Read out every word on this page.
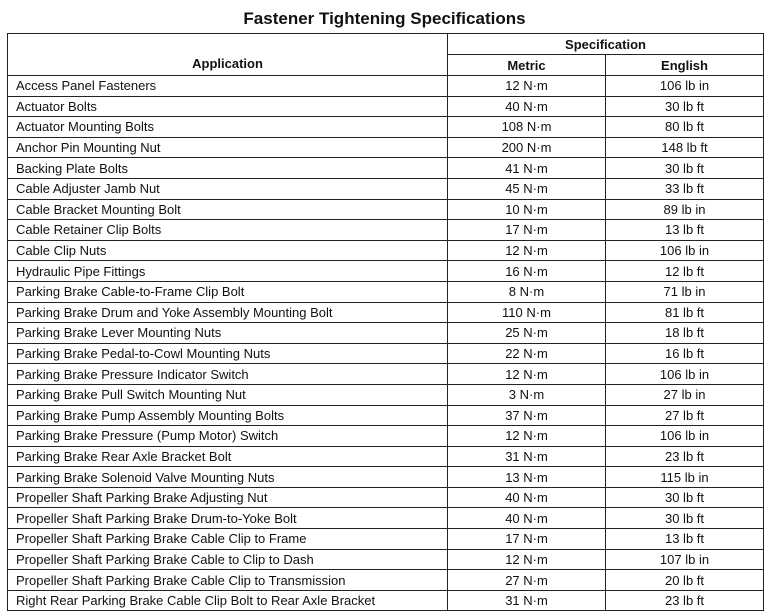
Fastener Tightening Specifications
Application	Specification	
	Metric	English
Access Panel Fasteners	12 N·m	106 lb in
Actuator Bolts	40 N·m	30 lb ft
Actuator Mounting Bolts	108 N·m	80 lb ft
Anchor Pin Mounting Nut	200 N·m	148 lb ft
Backing Plate Bolts	41 N·m	30 lb ft
Cable Adjuster Jamb Nut	45 N·m	33 lb ft
Cable Bracket Mounting Bolt	10 N·m	89 lb in
Cable Retainer Clip Bolts	17 N·m	13 lb ft
Cable Clip Nuts	12 N·m	106 lb in
Hydraulic Pipe Fittings	16 N·m	12 lb ft
Parking Brake Cable-to-Frame Clip Bolt	8 N·m	71 lb in
Parking Brake Drum and Yoke Assembly Mounting Bolt	110 N·m	81 lb ft
Parking Brake Lever Mounting Nuts	25 N·m	18 lb ft
Parking Brake Pedal-to-Cowl Mounting Nuts	22 N·m	16 lb ft
Parking Brake Pressure Indicator Switch	12 N·m	106 lb in
Parking Brake Pull Switch Mounting Nut	3 N·m	27 lb in
Parking Brake Pump Assembly Mounting Bolts	37 N·m	27 lb ft
Parking Brake Pressure (Pump Motor) Switch	12 N·m	106 lb in
Parking Brake Rear Axle Bracket Bolt	31 N·m	23 lb ft
Parking Brake Solenoid Valve Mounting Nuts	13 N·m	115 lb in
Propeller Shaft Parking Brake Adjusting Nut	40 N·m	30 lb ft
Propeller Shaft Parking Brake Drum-to-Yoke Bolt	40 N·m	30 lb ft
Propeller Shaft Parking Brake Cable Clip to Frame	17 N·m	13 lb ft
Propeller Shaft Parking Brake Cable to Clip to Dash	12 N·m	107 lb in
Propeller Shaft Parking Brake Cable Clip to Transmission	27 N·m	20 lb ft
Right Rear Parking Brake Cable Clip Bolt to Rear Axle Bracket	31 N·m	23 lb ft
